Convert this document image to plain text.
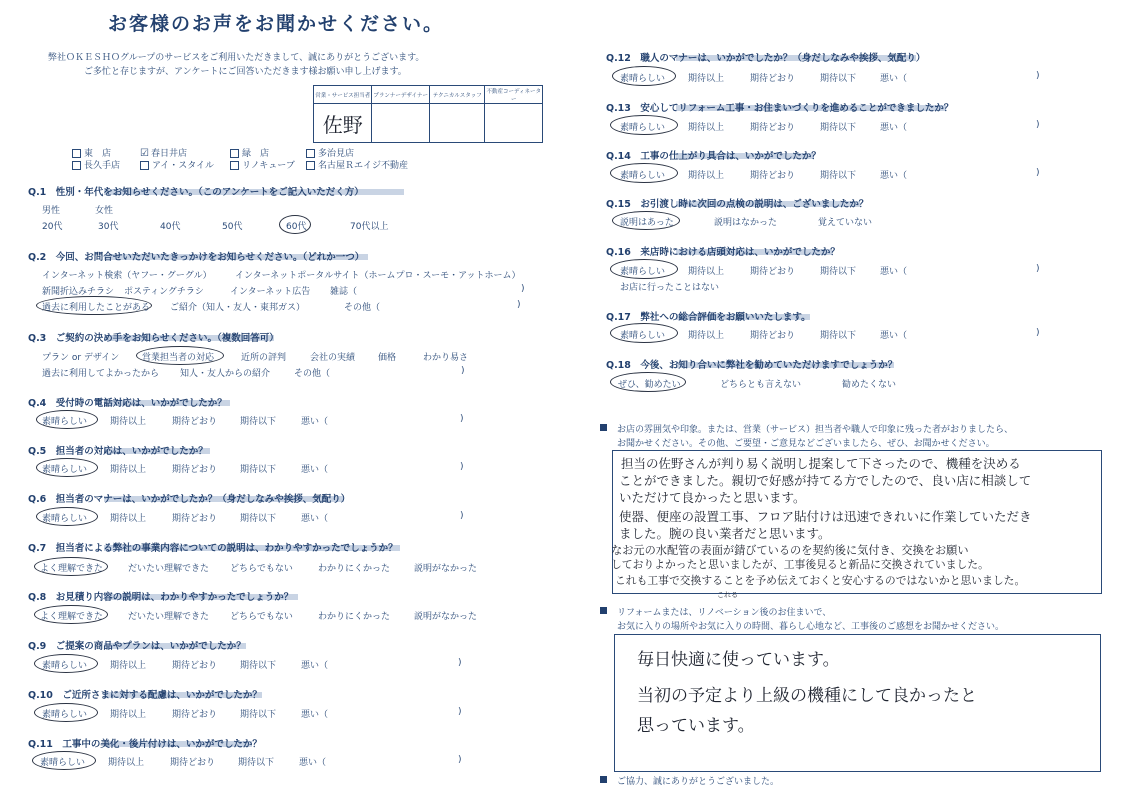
お客様のお声をお聞かせください。
弊社ＯＫＥＳＨＯグループのサービスをご利用いただきまして、誠にありがとうございます。
ご多忙と存じますが、アンケートにご回答いただきます様お願い申し上げます。
営業・サービス担当者	プランナーデザイナー	テクニカルスタッフ	不動産コーディネーター
佐野			
東　店	☑ 春日井店	緑　店	多治見店
長久手店	アイ・スタイル	リノキューブ	名古屋Ｒエイジ不動産
Q.1　性別・年代をお知らせください。（このアンケートをご記入いただく方）
男性	女性
20代	30代	40代	50代	60代	70代以上
Q.2　今回、お問合せいただいたきっかけをお知らせください。（どれか一つ）
インターネット検索（ヤフー・グーグル）	インターネットポータルサイト（ホームプロ・スーモ・アットホーム）
新聞折込みチラシ ポスティングチラシ	インターネット広告 雑誌（	)
過去に利用したことがある ご紹介（知人・友人・東邦ガス）	その他（	)
Q.3　ご契約の決め手をお知らせください。（複数回答可）
プラン or デザイン	営業担当者の対応	近所の評判	会社の実績	価格	わかり易さ
過去に利用してよかったから 知人・友人からの紹介	その他（	)
Q.4　受付時の電話対応は、いかがでしたか？
素晴らしい	期待以上	期待どおり	期待以下	悪い（	)
Q.5　担当者の対応は、いかがでしたか？
素晴らしい	期待以上	期待どおり	期待以下	悪い（	)
Q.6　担当者のマナーは、いかがでしたか？（身だしなみや挨拶、気配り）
素晴らしい	期待以上	期待どおり	期待以下	悪い（	)
Q.7　担当者による弊社の事業内容についての説明は、わかりやすかったでしょうか？
よく理解できた	だいたい理解できた どちらでもない	わかりにくかった	説明がなかった
Q.8　お見積り内容の説明は、わかりやすかったでしょうか？
よく理解できた	だいたい理解できた どちらでもない	わかりにくかった	説明がなかった
Q.9　ご提案の商品やプランは、いかがでしたか？
素晴らしい	期待以上	期待どおり	期待以下	悪い（	)
Q.10　ご近所さまに対する配慮は、いかがでしたか？
素晴らしい	期待以上	期待どおり	期待以下	悪い（	)
Q.11　工事中の美化・後片付けは、いかがでしたか？
素晴らしい	期待以上	期待どおり	期待以下	悪い（	)
Q.12　職人のマナーは、いかがでしたか？（身だしなみや挨拶、気配り）
素晴らしい	期待以上	期待どおり	期待以下	悪い（	)
Q.13　安心してリフォーム工事・お住まいづくりを進めることができましたか？
素晴らしい	期待以上	期待どおり	期待以下	悪い（	)
Q.14　工事の仕上がり具合は、いかがでしたか？
素晴らしい	期待以上	期待どおり	期待以下	悪い（	)
Q.15　お引渡し時に次回の点検の説明は、ございましたか？
説明はあった	説明はなかった	覚えていない
Q.16　来店時における店頭対応は、いかがでしたか？
素晴らしい	期待以上	期待どおり	期待以下	悪い（	)
お店に行ったことはない
Q.17　弊社への総合評価をお願いいたします。
素晴らしい	期待以上	期待どおり	期待以下	悪い（	)
Q.18　今後、お知り合いに弊社を勧めていただけますでしょうか？
ぜひ、勧めたい	どちらとも言えない	勧めたくない
お店の雰囲気や印象。または、営業（サービス）担当者や職人で印象に残った者がおりましたら、
お聞かせください。その他、ご要望・ご意見などございましたら、ぜひ、お聞かせください。
担当の佐野さんが判り易く説明し提案して下さったので、機種を決める
ことができました。親切で好感が持てる方でしたので、良い店に相談して
いただけて良かったと思います。
使器、便座の設置工事、フロア貼付けは迅速できれいに作業していただき
ました。腕の良い業者だと思います。
なお元の水配管の表面が錆びているのを契約後に気付き、交換をお願い
しておりよかったと思いましたが、工事後見ると新品に交換されていました。
これも工事で交換することを予め伝えておくと安心するのではないかと思いました。
これる
リフォームまたは、リノベーション後のお住まいで、
お気に入りの場所やお気に入りの時間、暮らし心地など、工事後のご感想をお聞かせください。
毎日快適に使っています。
当初の予定より上級の機種にして良かったと
思っています。
ご協力、誠にありがとうございました。
